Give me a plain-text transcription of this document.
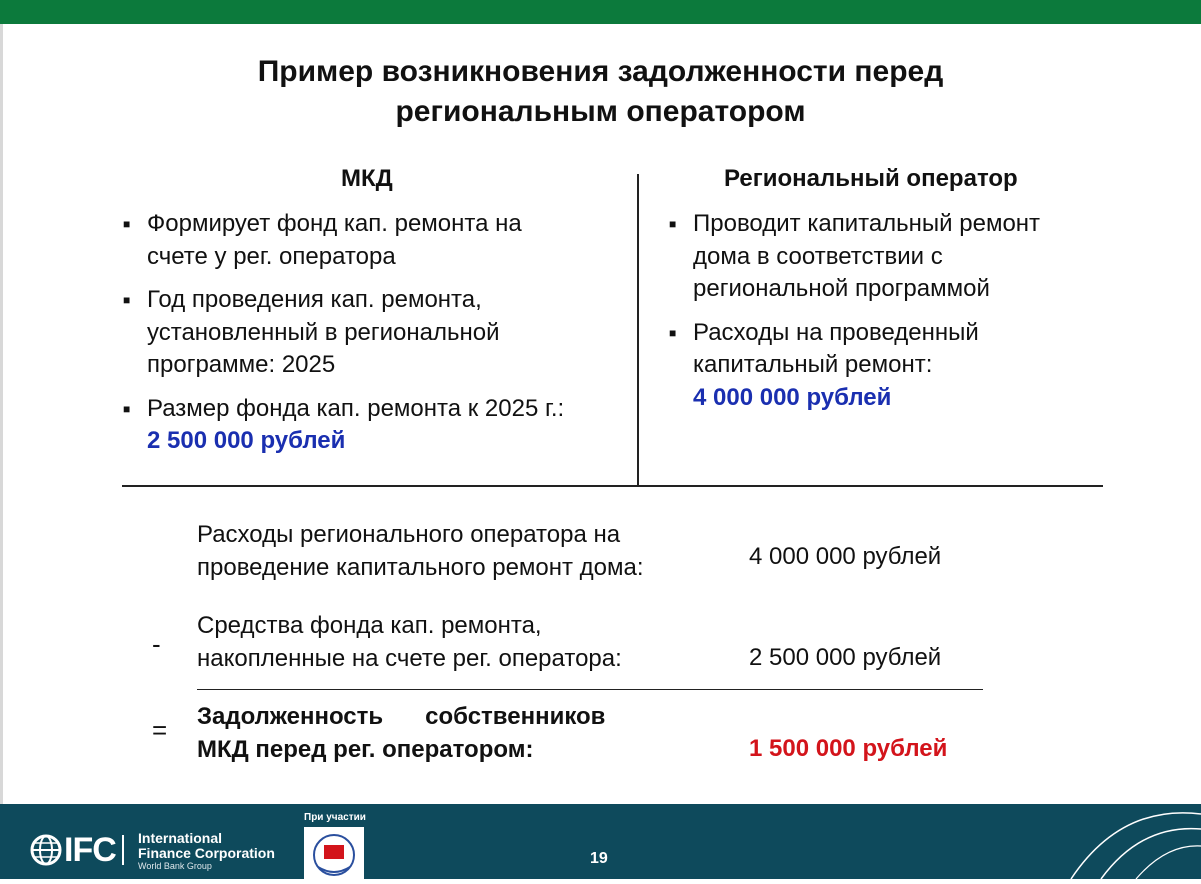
Пример возникновения задолженности перед
региональным оператором
МКД	Региональный оператор
■ Формирует фонд кап. ремонта на
счете у рег. оператора
■ Год проведения кап. ремонта,
установленный в региональной
программе: 2025
■ Размер фонда кап. ремонта к 2025 г.:
2 500 000 рублей
■ Проводит капитальный ремонт
дома в соответствии с
региональной программой
■ Расходы на проведенный
капитальный ремонт:
4 000 000 рублей
Расходы регионального оператора на
проведение капитального ремонт дома:	4 000 000 рублей
-
Средства фонда кап. ремонта,
накопленные на счете рег. оператора:	2 500 000 рублей
= Задолженность собственников
МКД перед рег. оператором:	1 500 000 рублей
IFC International
Finance Corporation
World Bank Group
При участии
19
